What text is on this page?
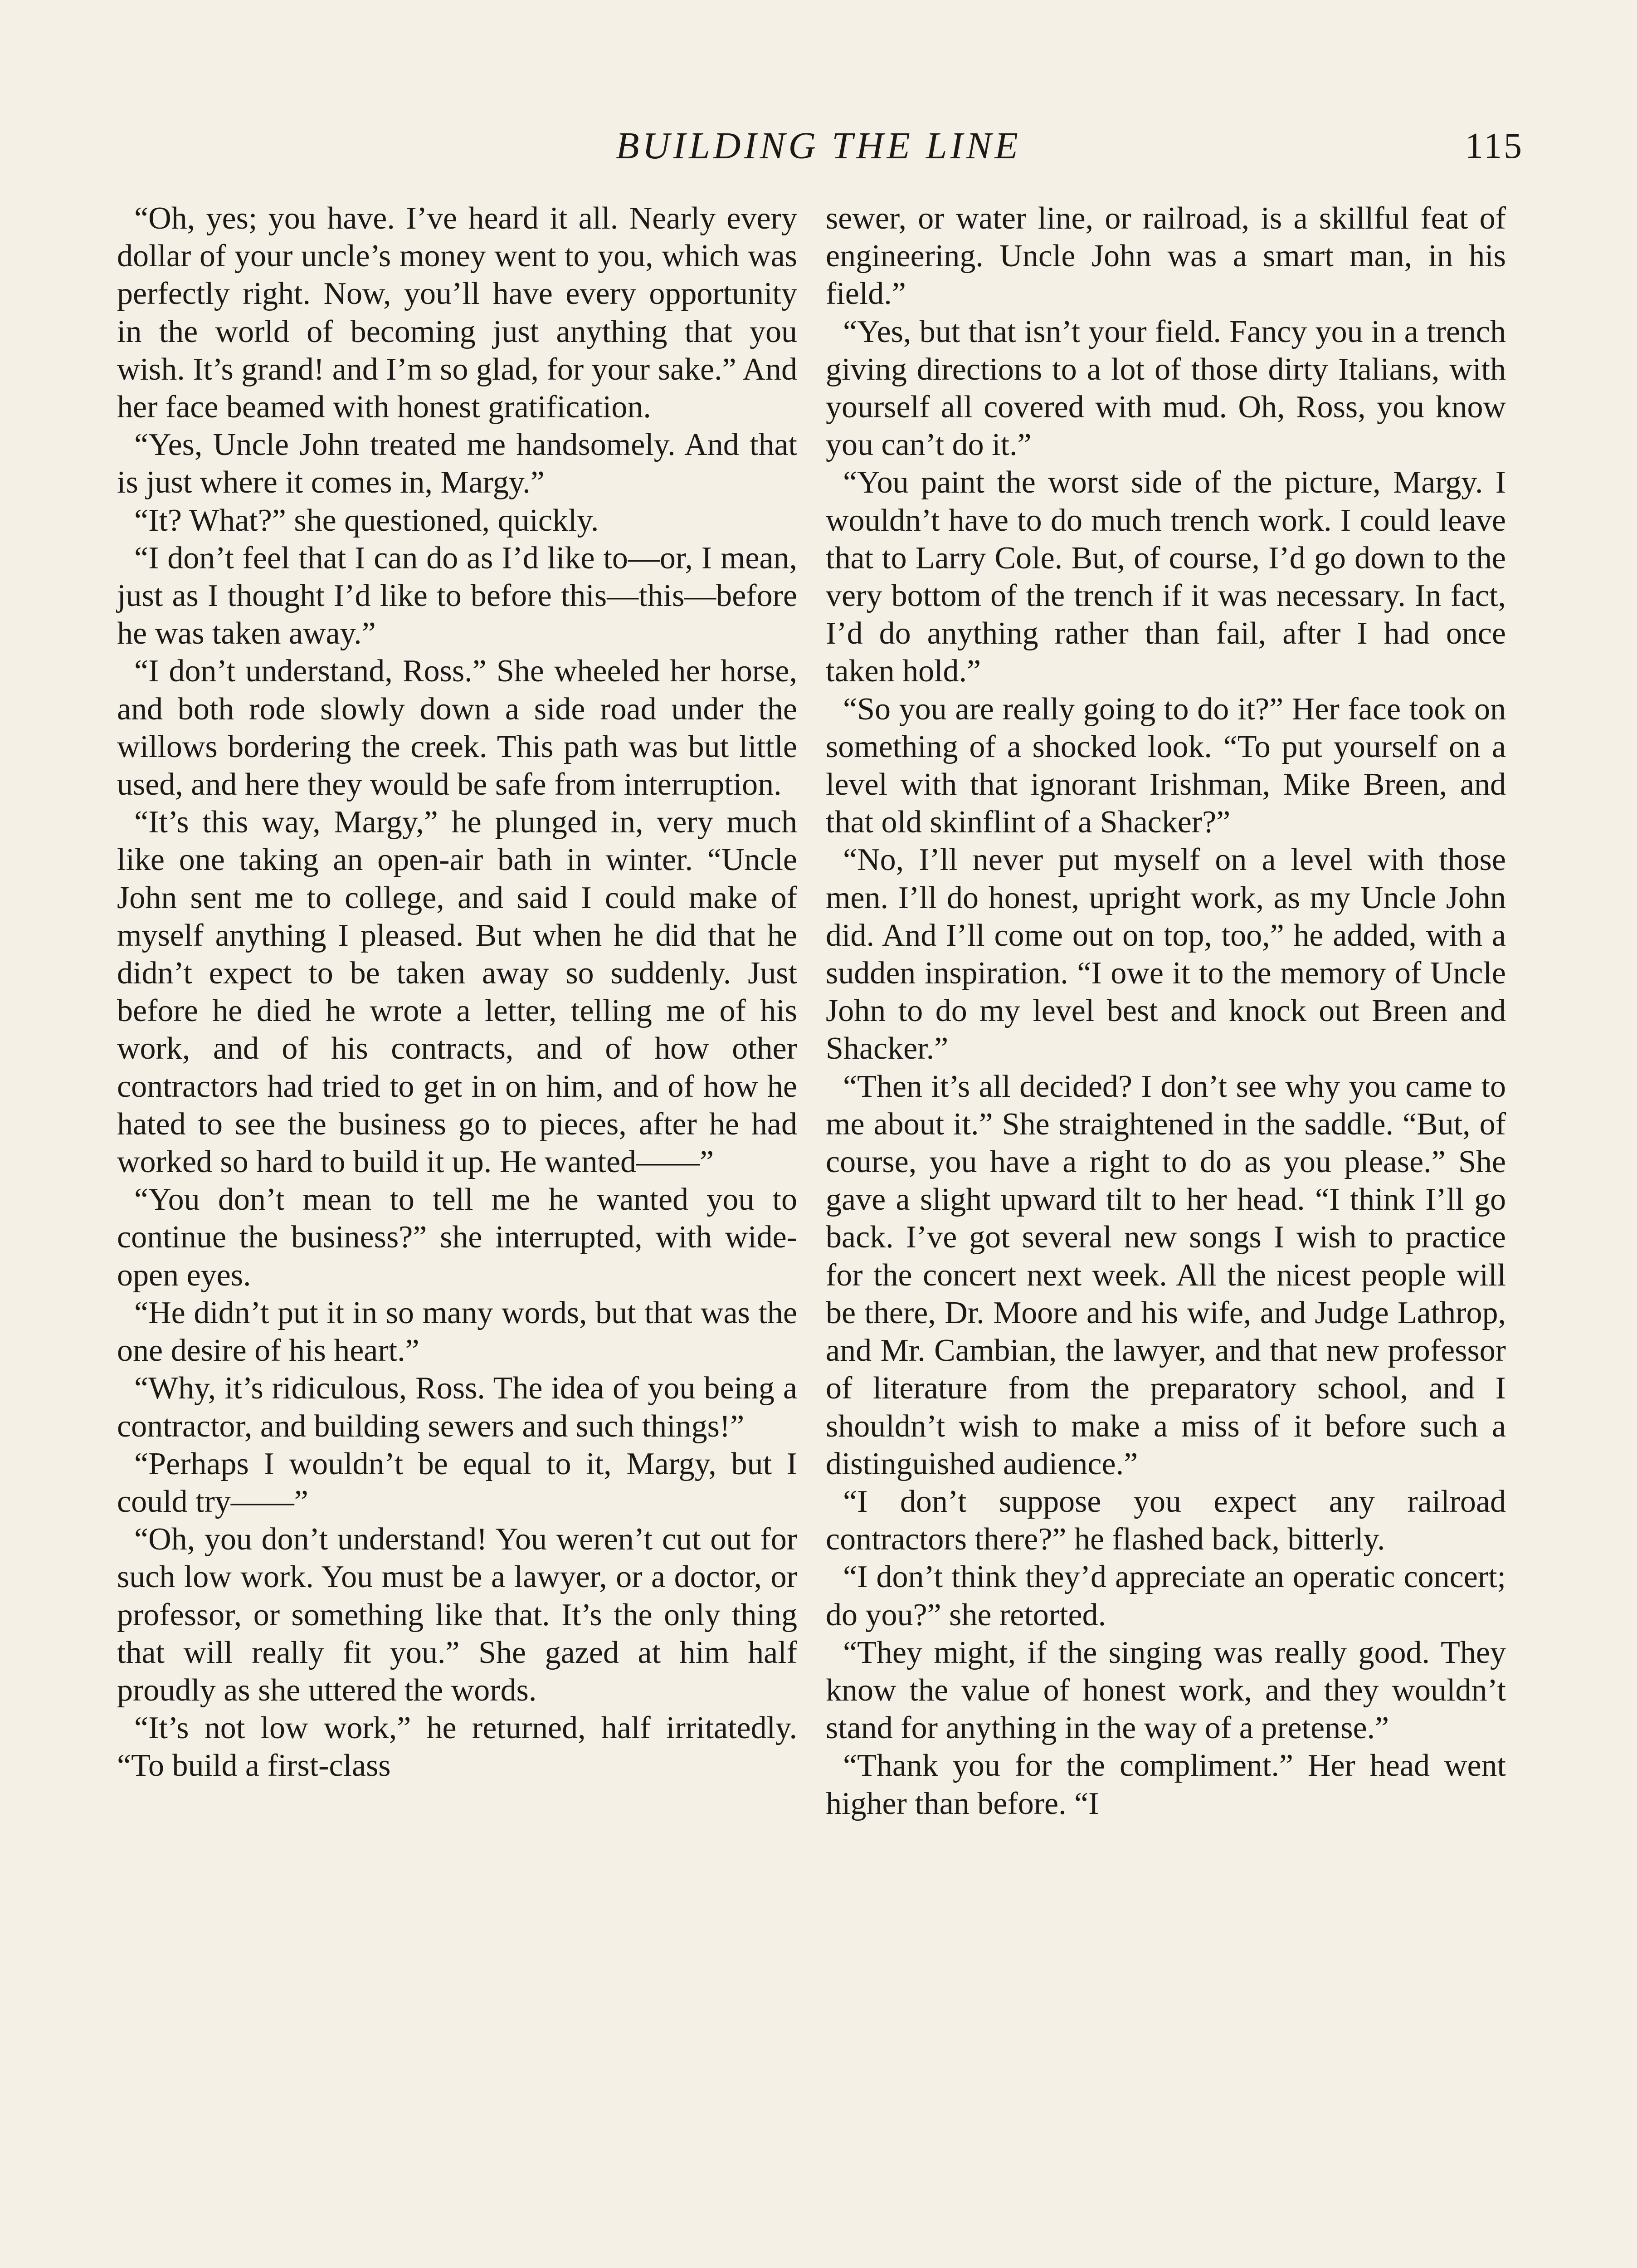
BUILDING THE LINE	115

“Oh, yes; you have. I’ve heard it all. Nearly every dollar of your uncle’s money went to you, which was perfectly right. Now, you’ll have every opportunity in the world of becoming just anything that you wish. It’s grand! and I’m so glad, for your sake.” And her face beamed with honest gratification.

“Yes, Uncle John treated me handsomely. And that is just where it comes in, Margy.”

“It? What?” she questioned, quickly.

“I don’t feel that I can do as I’d like to—or, I mean, just as I thought I’d like to before this—this—before he was taken away.”

“I don’t understand, Ross.” She wheeled her horse, and both rode slowly down a side road under the willows bordering the creek. This path was but little used, and here they would be safe from interruption.

“It’s this way, Margy,” he plunged in, very much like one taking an open-air bath in winter. “Uncle John sent me to college, and said I could make of myself anything I pleased. But when he did that he didn’t expect to be taken away so suddenly. Just before he died he wrote a letter, telling me of his work, and of his contracts, and of how other contractors had tried to get in on him, and of how he hated to see the business go to pieces, after he had worked so hard to build it up. He wanted——”

“You don’t mean to tell me he wanted you to continue the business?” she interrupted, with wide-open eyes.

“He didn’t put it in so many words, but that was the one desire of his heart.”

“Why, it’s ridiculous, Ross. The idea of you being a contractor, and building sewers and such things!”

“Perhaps I wouldn’t be equal to it, Margy, but I could try——”

“Oh, you don’t understand! You weren’t cut out for such low work. You must be a lawyer, or a doctor, or professor, or something like that. It’s the only thing that will really fit you.” She gazed at him half proudly as she uttered the words.

“It’s not low work,” he returned, half irritatedly. “To build a first-class

sewer, or water line, or railroad, is a skillful feat of engineering. Uncle John was a smart man, in his field.”

“Yes, but that isn’t your field. Fancy you in a trench giving directions to a lot of those dirty Italians, with yourself all covered with mud. Oh, Ross, you know you can’t do it.”

“You paint the worst side of the picture, Margy. I wouldn’t have to do much trench work. I could leave that to Larry Cole. But, of course, I’d go down to the very bottom of the trench if it was necessary. In fact, I’d do anything rather than fail, after I had once taken hold.”

“So you are really going to do it?” Her face took on something of a shocked look. “To put yourself on a level with that ignorant Irishman, Mike Breen, and that old skinflint of a Shacker?”

“No, I’ll never put myself on a level with those men. I’ll do honest, upright work, as my Uncle John did. And I’ll come out on top, too,” he added, with a sudden inspiration. “I owe it to the memory of Uncle John to do my level best and knock out Breen and Shacker.”

“Then it’s all decided? I don’t see why you came to me about it.” She straightened in the saddle. “But, of course, you have a right to do as you please.” She gave a slight upward tilt to her head. “I think I’ll go back. I’ve got several new songs I wish to practice for the concert next week. All the nicest people will be there, Dr. Moore and his wife, and Judge Lathrop, and Mr. Cambian, the lawyer, and that new professor of literature from the preparatory school, and I shouldn’t wish to make a miss of it before such a distinguished audience.”

“I don’t suppose you expect any railroad contractors there?” he flashed back, bitterly.

“I don’t think they’d appreciate an operatic concert; do you?” she retorted.

“They might, if the singing was really good. They know the value of honest work, and they wouldn’t stand for anything in the way of a pretense.”

“Thank you for the compliment.” Her head went higher than before. “I
